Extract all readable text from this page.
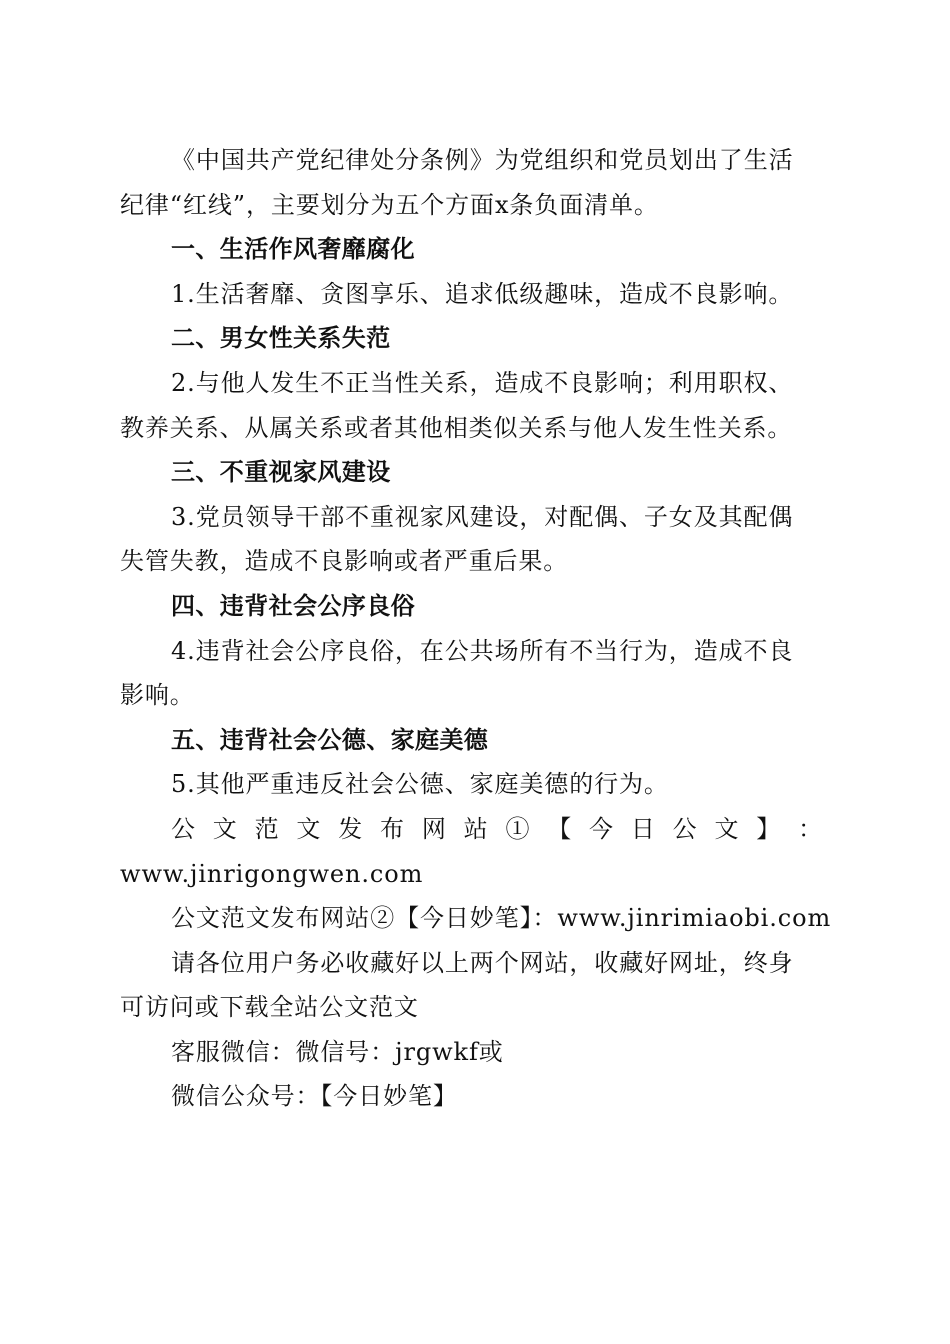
《中国共产党纪律处分条例》为党组织和党员划出了生活
纪律“红线”，主要划分为五个方面x条负面清单。
一、生活作风奢靡腐化
1.生活奢靡、贪图享乐、追求低级趣味，造成不良影响。
二、男女性关系失范
2.与他人发生不正当性关系，造成不良影响；利用职权、
教养关系、从属关系或者其他相类似关系与他人发生性关系。
三、不重视家风建设
3.党员领导干部不重视家风建设，对配偶、子女及其配偶
失管失教，造成不良影响或者严重后果。
四、违背社会公序良俗
4.违背社会公序良俗，在公共场所有不当行为，造成不良
影响。
五、违背社会公德、家庭美德
5.其他严重违反社会公德、家庭美德的行为。
公 文 范 文 发 布 网 站 ① 【 今 日 公 文 】 ：
www.jinrigongwen.com
公文范文发布网站②【今日妙笔】：www.jinrimiaobi.com
请各位用户务必收藏好以上两个网站，收藏好网址，终身
可访问或下载全站公文范文
客服微信：微信号：jrgwkf或
微信公众号：【今日妙笔】
